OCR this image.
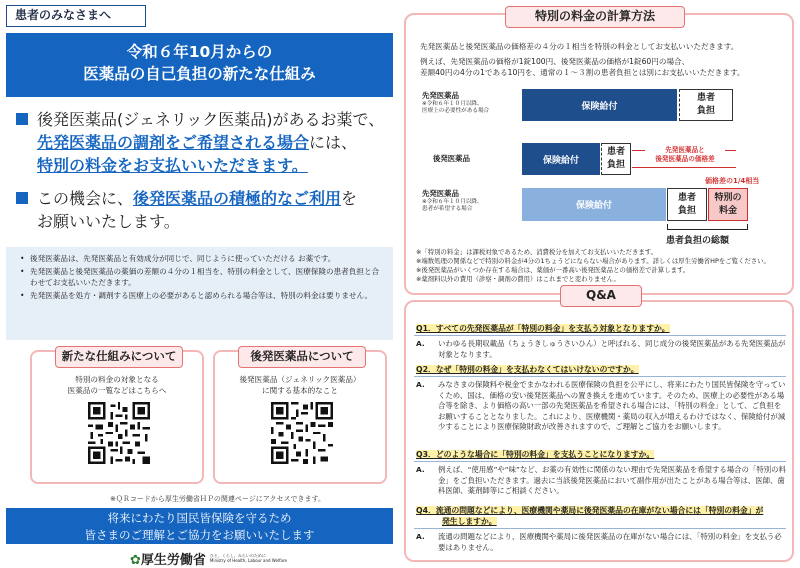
患者のみなさまへ
令和６年10月からの
医薬品の自己負担の新たな仕組み
後発医薬品(ジェネリック医薬品)があるお薬で、
先発医薬品の調剤をご希望される場合には、
特別の料金をお支払いいただきます。
この機会に、後発医薬品の積極的なご利用を
お願いいたします。
• 後発医薬品は、先発医薬品と有効成分が同じで、同じように使っていただける お薬です。
• 先発医薬品と後発医薬品の薬価の差額の４分の１相当を、特別の料金として、医療保険の患者負担と合わせてお支払いいただきます。
• 先発医薬品を処方・調剤する医療上の必要があると認められる場合等は、特別の料金は要りません。
新たな仕組みについて
特別の料金の対象となる
医薬品の一覧などはこちらへ
後発医薬品について
後発医薬品（ジェネリック医薬品）
に関する基本的なこと
※ＱＲコードから厚生労働省ＨＰの関連ページにアクセスできます。
将来にわたり国民皆保険を守るため
皆さまのご理解とご協力をお願いいたします
✿厚生労働省 ひと、くらし、みらいのために
Ministry of Health, Labour and Welfare
特別の料金の計算方法
先発医薬品と後発医薬品の価格差の４分の１相当を特別の料金としてお支払いいただきます。
例えば、先発医薬品の価格が1錠100円、後発医薬品の価格が1錠60円の場合、
差額40円の4分の1である10円を、通常の１～３割の患者負担とは別にお支払いいただきます。
先発医薬品
※令和６年１０月以降、
医療上の必要性がある場合	保険給付
患者
負担
後発医薬品	保険給付
患者
負担
先発医薬品と
後発医薬品の価格差
価格差の1/4相当
先発医薬品
※令和６年１０月以降、
患者が希望する場合	保険給付
患者
負担
特別の
料金
患者負担の総額
※「特別の料金」は課税対象であるため、消費税分を加えてお支払いいただきます。
※端数処理の関係などで特別の料金が4分の1ちょうどにならない場合があります。詳しくは厚生労働省HPをご覧ください。
※後発医薬品がいくつか存在する場合は、薬価が一番高い後発医薬品との価格差で計算します。
※薬剤料以外の費用（診察・調剤の費用）はこれまでと変わりません。
Q&A
Q1．すべての先発医薬品が「特別の料金」を支払う対象となりますか。
A. いわゆる長期収載品（ちょうきしゅうさいひん）と呼ばれる、同じ成分の後発医薬品がある先発医薬品が対象となります。
Q2．なぜ「特別の料金」を支払わなくてはいけないのですか。
A. みなさまの保険料や税金でまかなわれる医療保険の負担を公平にし、将来にわたり国民皆保険を守っていくため、国は、価格の安い後発医薬品への置き換えを進めています。そのため、医療上の必要性がある場合等を除き、より価格の高い一部の先発医薬品を希望される場合には、「特別の料金」として、ご負担をお願いすることとなりました。これにより、医療機関・薬局の収入が増えるわけではなく、保険給付が減少することにより医療保険財政が改善されますので、ご理解とご協力をお願いします。
Q3．どのような場合に「特別の料金」を支払うことになりますか。
A. 例えば、“使用感”や“味”など、お薬の有効性に関係のない理由で先発医薬品を希望する場合の「特別の料金」をご負担いただきます。過去に当該後発医薬品において副作用が出たことがある場合等は、医師、歯科医師、薬剤師等にご相談ください。
Q4．流通の問題などにより、医療機関や薬局に後発医薬品の在庫がない場合には「特別の料金」が
発生しますか。
A. 流通の問題などにより、医療機関や薬局に後発医薬品の在庫がない場合には、「特別の料金」を支払う必要はありません。
